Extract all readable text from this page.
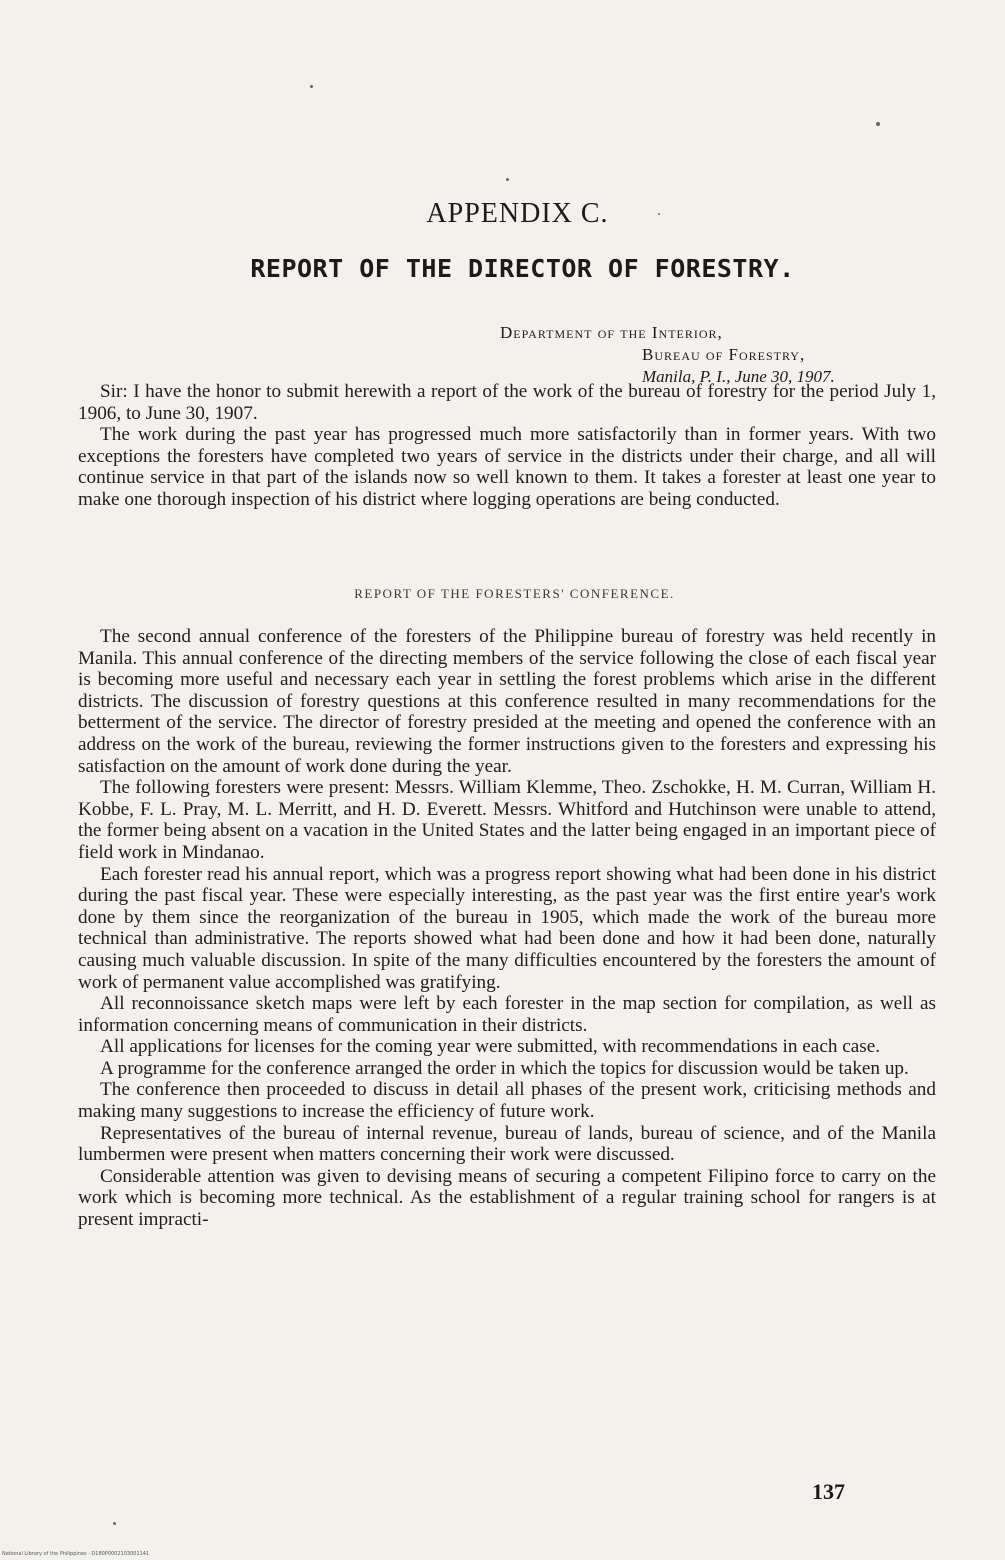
APPENDIX C.
REPORT OF THE DIRECTOR OF FORESTRY.
Department of the Interior,
Bureau of Forestry,
Manila, P. I., June 30, 1907.

Sir: I have the honor to submit herewith a report of the work of the bureau of forestry for the period July 1, 1906, to June 30, 1907.

The work during the past year has progressed much more satisfactorily than in former years. With two exceptions the foresters have completed two years of service in the districts under their charge, and all will continue service in that part of the islands now so well known to them. It takes a forester at least one year to make one thorough inspection of his district where logging operations are being conducted.

REPORT OF THE FORESTERS' CONFERENCE.

The second annual conference of the foresters of the Philippine bureau of forestry was held recently in Manila. This annual conference of the directing members of the service following the close of each fiscal year is becoming more useful and necessary each year in settling the forest problems which arise in the different districts. The discussion of forestry questions at this conference resulted in many recommendations for the betterment of the service. The director of forestry presided at the meeting and opened the conference with an address on the work of the bureau, reviewing the former instructions given to the foresters and expressing his satisfaction on the amount of work done during the year.

The following foresters were present: Messrs. William Klemme, Theo. Zschokke, H. M. Curran, William H. Kobbe, F. L. Pray, M. L. Merritt, and H. D. Everett. Messrs. Whitford and Hutchinson were unable to attend, the former being absent on a vacation in the United States and the latter being engaged in an important piece of field work in Mindanao.

Each forester read his annual report, which was a progress report showing what had been done in his district during the past fiscal year. These were especially interesting, as the past year was the first entire year's work done by them since the reorganization of the bureau in 1905, which made the work of the bureau more technical than administrative. The reports showed what had been done and how it had been done, naturally causing much valuable discussion. In spite of the many difficulties encountered by the foresters the amount of work of permanent value accomplished was gratifying.

All reconnoissance sketch maps were left by each forester in the map section for compilation, as well as information concerning means of communication in their districts.

All applications for licenses for the coming year were submitted, with recommendations in each case.

A programme for the conference arranged the order in which the topics for discussion would be taken up.

The conference then proceeded to discuss in detail all phases of the present work, criticising methods and making many suggestions to increase the efficiency of future work.

Representatives of the bureau of internal revenue, bureau of lands, bureau of science, and of the Manila lumbermen were present when matters concerning their work were discussed.

Considerable attention was given to devising means of securing a competent Filipino force to carry on the work which is becoming more technical. As the establishment of a regular training school for rangers is at present impracti-

137
National Library of the Philippines · D180P0002103001141
